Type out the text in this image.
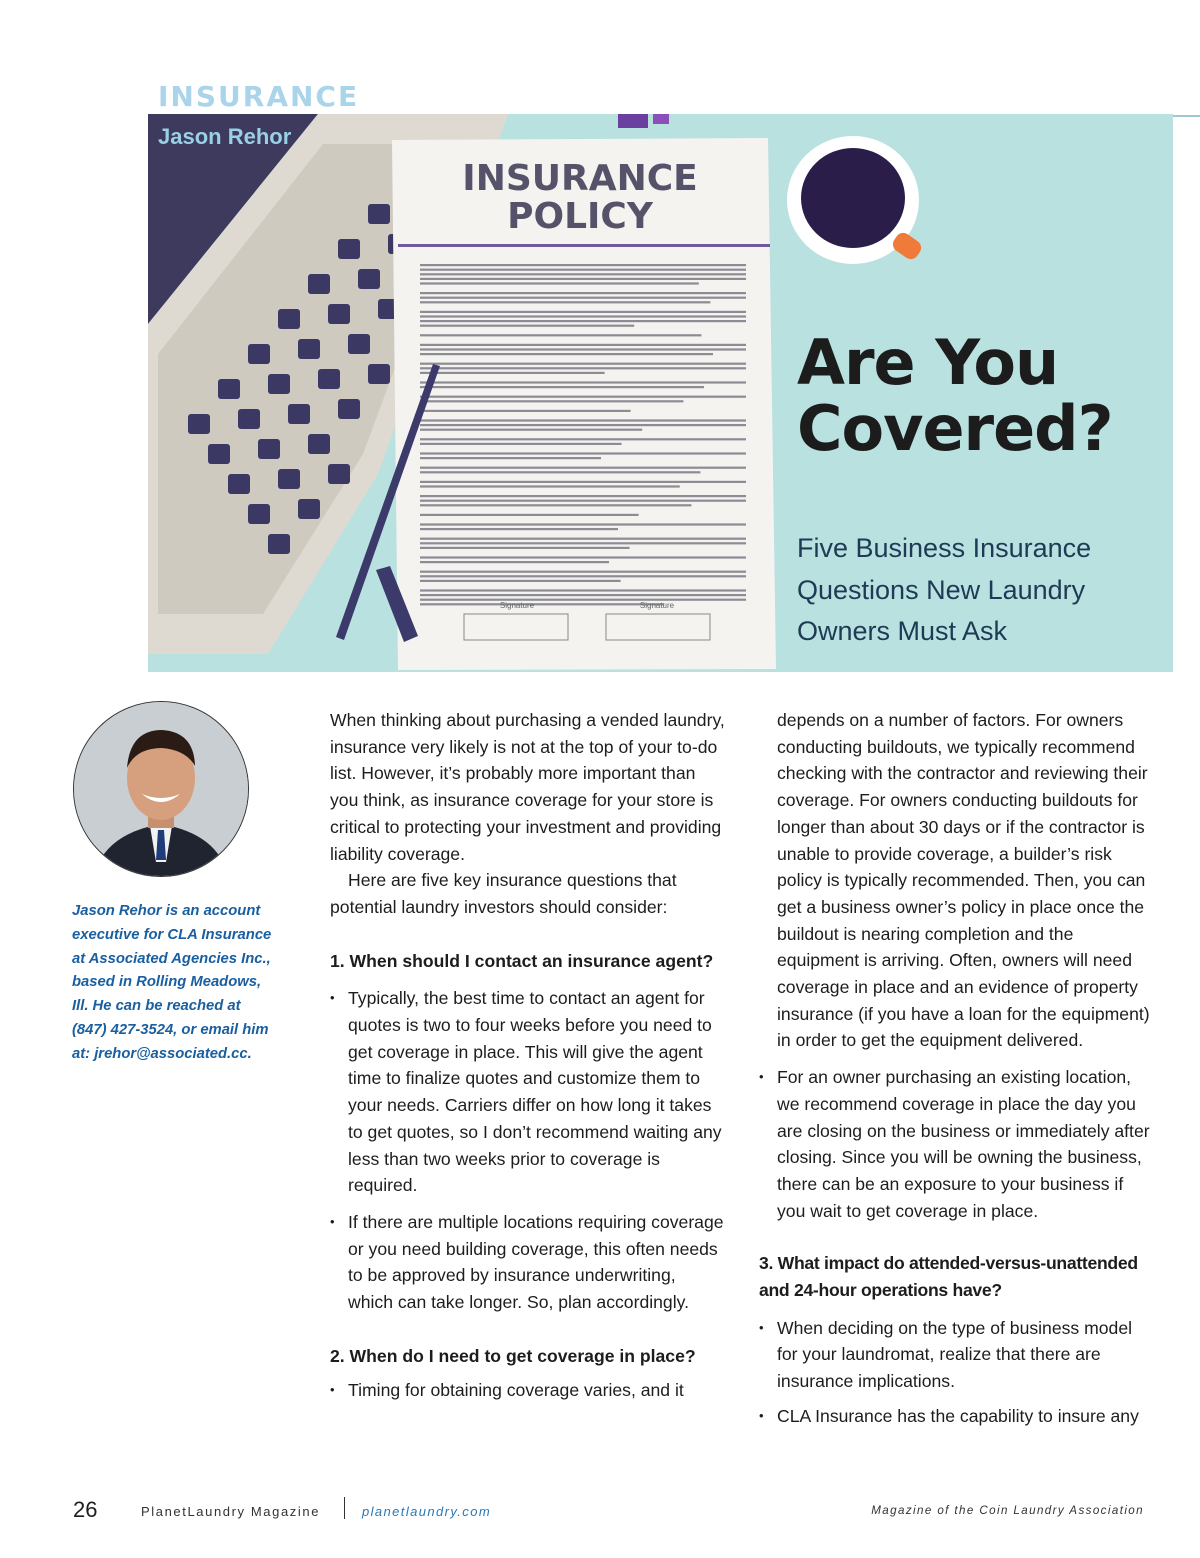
INSURANCE
INSURANCE
POLICY
Signature	Signature

Jason Rehor

Are You
Covered?

Five Business Insurance Questions New Laundry Owners Must Ask

Jason Rehor is an account executive for CLA Insurance at Associated Agencies Inc., based in Rolling Meadows, Ill. He can be reached at (847) 427-3524, or email him at: jrehor@associated.cc.

When thinking about purchasing a vended laundry, insurance very likely is not at the top of your to-do list. However, it’s probably more important than you think, as insurance coverage for your store is critical to protecting your investment and providing liability coverage.

Here are five key insurance questions that potential laundry investors should consider:

1. When should I contact an insurance agent?

• Typically, the best time to contact an agent for quotes is two to four weeks before you need to get coverage in place. This will give the agent time to finalize quotes and customize them to your needs. Carriers differ on how long it takes to get quotes, so I don’t recommend waiting any less than two weeks prior to coverage is required.

• If there are multiple locations requiring coverage or you need building coverage, this often needs to be approved by insurance underwriting, which can take longer. So, plan accordingly.

2. When do I need to get coverage in place?

• Timing for obtaining coverage varies, and it

depends on a number of factors. For owners conducting buildouts, we typically recommend checking with the contractor and reviewing their coverage. For owners conducting buildouts for longer than about 30 days or if the contractor is unable to provide coverage, a builder’s risk policy is typically recommended. Then, you can get a business owner’s policy in place once the buildout is nearing completion and the equipment is arriving. Often, owners will need coverage in place and an evidence of property insurance (if you have a loan for the equipment) in order to get the equipment delivered.

• For an owner purchasing an existing location, we recommend coverage in place the day you are closing on the business or immediately after closing. Since you will be owning the business, there can be an exposure to your business if you wait to get coverage in place.

3. What impact do attended-versus-unattended and 24-hour operations have?

• When deciding on the type of business model for your laundromat, realize that there are insurance implications.

• CLA Insurance has the capability to insure any

26	PlanetLaundry Magazine	planetlaundry.com	Magazine of the Coin Laundry Association
